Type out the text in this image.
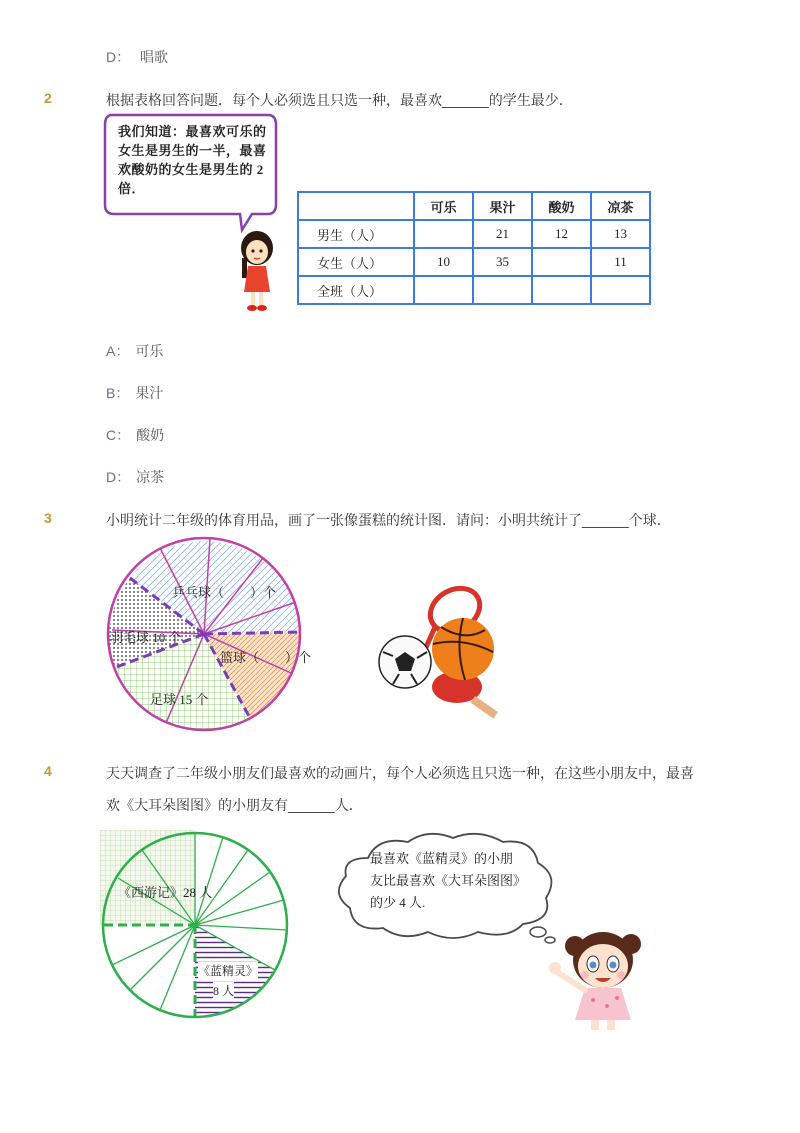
D： 唱歌
2	根据表格回答问题．每个人必须选且只选一种，最喜欢______的学生最少．
我们知道：最喜欢可乐的女生是男生的一半，最喜欢酸奶的女生是男生的 2 倍．
	可乐	果汁	酸奶	凉茶
男生（人）		21	12	13
女生（人）	10	35		11
全班（人）				
A： 可乐
B： 果汁
C： 酸奶
D： 凉茶
3	小明统计二年级的体育用品，画了一张像蛋糕的统计图．请问：小明共统计了______个球．
乒乓球（　　）个
羽毛球 10 个
篮球（　　）个
足球 15 个
4	天天调查了二年级小朋友们最喜欢的动画片，每个人必须选且只选一种，在这些小朋友中，最喜
欢《大耳朵图图》的小朋友有______人．
《西游记》28 人
《蓝精灵》
8 人
最喜欢《蓝精灵》的小朋友比最喜欢《大耳朵图图》的少 4 人.
